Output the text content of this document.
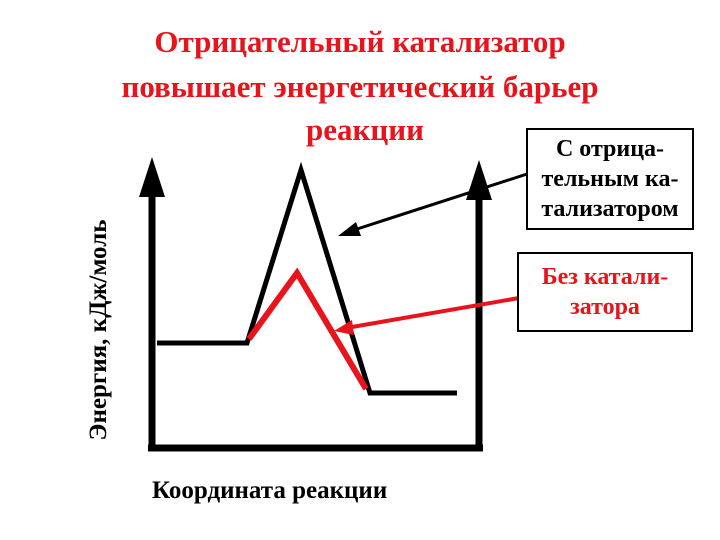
Отрицательный катализатор
повышает энергетический барьер
реакции
С отрица-
тельным ка-
тализатором
Без катали-
затора
Координата реакции
Энергия, кДж/моль
